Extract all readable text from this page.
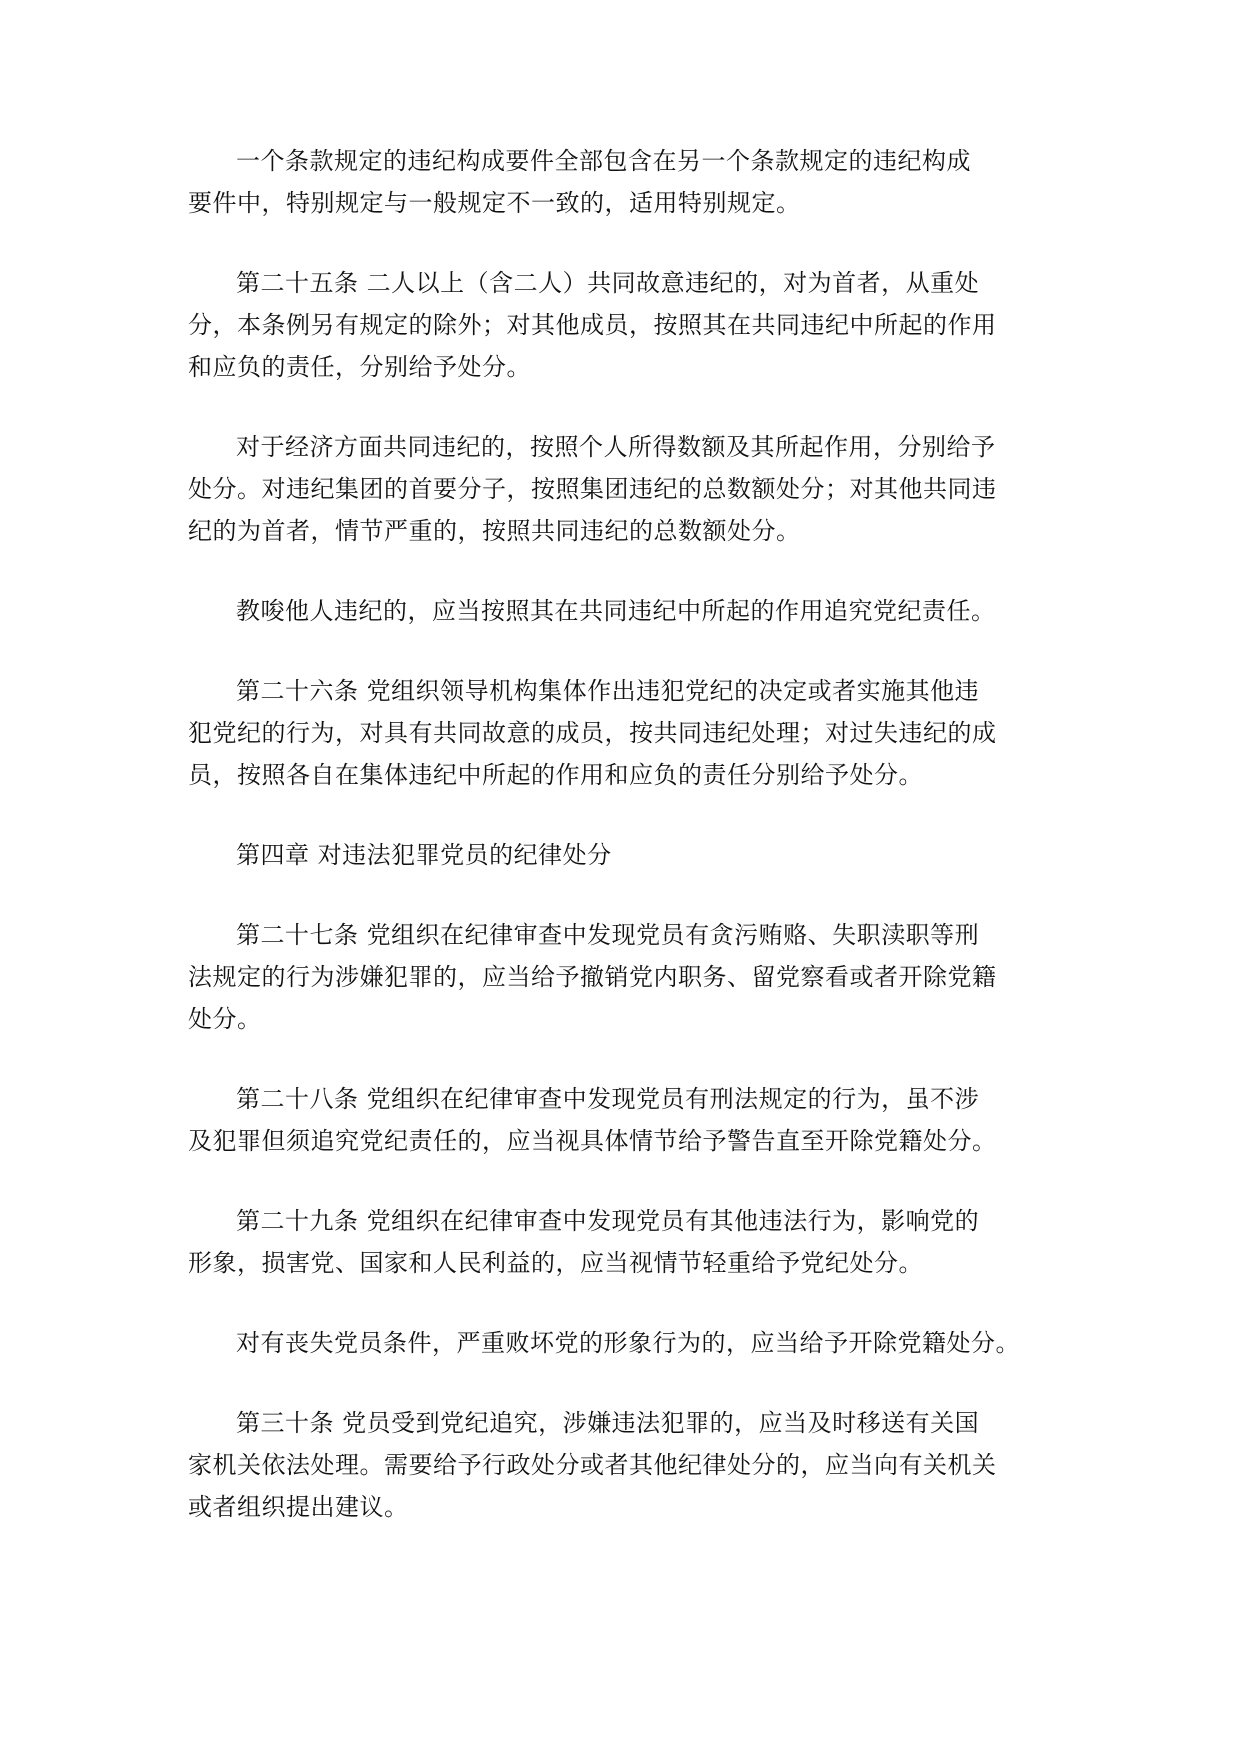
一个条款规定的违纪构成要件全部包含在另一个条款规定的违纪构成
要件中，特别规定与一般规定不一致的，适用特别规定。
第二十五条 二人以上（含二人）共同故意违纪的，对为首者，从重处
分，本条例另有规定的除外；对其他成员，按照其在共同违纪中所起的作用
和应负的责任，分别给予处分。
对于经济方面共同违纪的，按照个人所得数额及其所起作用，分别给予
处分。对违纪集团的首要分子，按照集团违纪的总数额处分；对其他共同违
纪的为首者，情节严重的，按照共同违纪的总数额处分。
教唆他人违纪的，应当按照其在共同违纪中所起的作用追究党纪责任。
第二十六条 党组织领导机构集体作出违犯党纪的决定或者实施其他违
犯党纪的行为，对具有共同故意的成员，按共同违纪处理；对过失违纪的成
员，按照各自在集体违纪中所起的作用和应负的责任分别给予处分。
第四章 对违法犯罪党员的纪律处分
第二十七条 党组织在纪律审查中发现党员有贪污贿赂、失职渎职等刑
法规定的行为涉嫌犯罪的，应当给予撤销党内职务、留党察看或者开除党籍
处分。
第二十八条 党组织在纪律审查中发现党员有刑法规定的行为，虽不涉
及犯罪但须追究党纪责任的，应当视具体情节给予警告直至开除党籍处分。
第二十九条 党组织在纪律审查中发现党员有其他违法行为，影响党的
形象，损害党、国家和人民利益的，应当视情节轻重给予党纪处分。
对有丧失党员条件，严重败坏党的形象行为的，应当给予开除党籍处分。
第三十条 党员受到党纪追究，涉嫌违法犯罪的，应当及时移送有关国
家机关依法处理。需要给予行政处分或者其他纪律处分的，应当向有关机关
或者组织提出建议。
